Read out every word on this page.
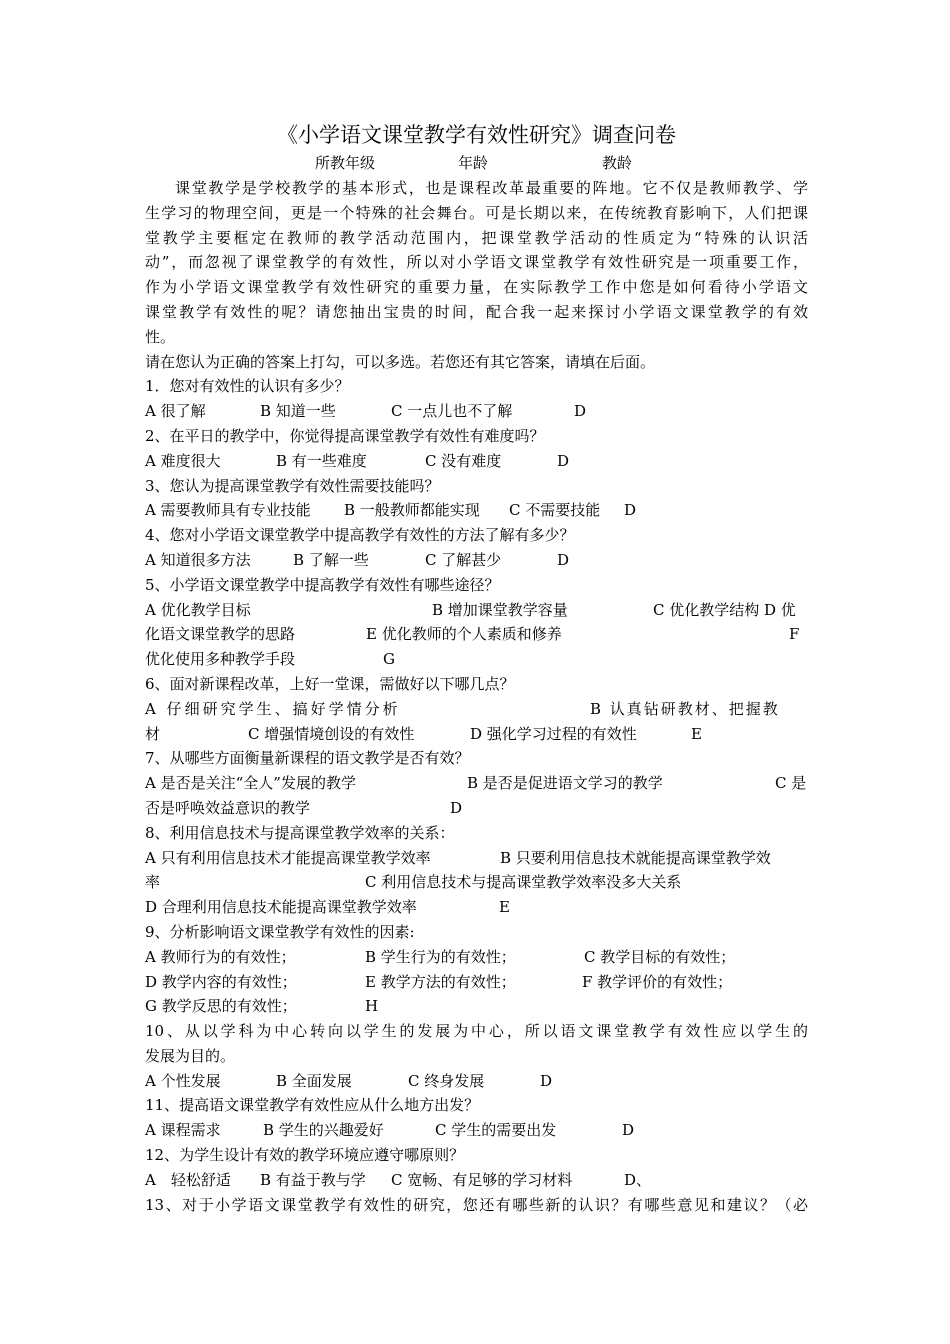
《小学语文课堂教学有效性研究》调查问卷
所教年级	年龄	教龄
课堂教学是学校教学的基本形式，也是课程改革最重要的阵地。它不仅是教师教学、学
生学习的物理空间，更是一个特殊的社会舞台。可是长期以来，在传统教育影响下，人们把课
堂教学主要框定在教师的教学活动范围内，把课堂教学活动的性质定为“特殊的认识活
动”，而忽视了课堂教学的有效性，所以对小学语文课堂教学有效性研究是一项重要工作，
作为小学语文课堂教学有效性研究的重要力量，在实际教学工作中您是如何看待小学语文
课堂教学有效性的呢？请您抽出宝贵的时间，配合我一起来探讨小学语文课堂教学的有效
性。
请在您认为正确的答案上打勾，可以多选。若您还有其它答案，请填在后面。
1．您对有效性的认识有多少？
A 很了解	B 知道一些	C 一点儿也不了解	D
2、在平日的教学中，你觉得提高课堂教学有效性有难度吗？
A 难度很大	B 有一些难度	C 没有难度	D
3、您认为提高课堂教学有效性需要技能吗？
A 需要教师具有专业技能 B 一般教师都能实现 C 不需要技能 D
4、您对小学语文课堂教学中提高教学有效性的方法了解有多少？
A 知道很多方法	B 了解一些	C 了解甚少	D
5、小学语文课堂教学中提高教学有效性有哪些途径？
A 优化教学目标	B 增加课堂教学容量	C 优化教学结构 D 优
化语文课堂教学的思路	E 优化教师的个人素质和修养	F
优化使用多种教学手段	G
6、面对新课程改革，上好一堂课，需做好以下哪几点？
A 仔细研究学生、搞好学情分析	B 认真钻研教材、把握教
材	C 增强情境创设的有效性	D 强化学习过程的有效性	E
7、从哪些方面衡量新课程的语文教学是否有效？
A 是否是关注“全人”发展的教学	B 是否是促进语文学习的教学	C 是
否是呼唤效益意识的教学	D
8、利用信息技术与提高课堂教学效率的关系：
A 只有利用信息技术才能提高课堂教学效率	B 只要利用信息技术就能提高课堂教学效
率	C 利用信息技术与提高课堂教学效率没多大关系
D 合理利用信息技术能提高课堂教学效率	E
9、分析影响语文课堂教学有效性的因素:
A 教师行为的有效性；	B 学生行为的有效性；	C 教学目标的有效性；
D 教学内容的有效性；	E 教学方法的有效性；	F 教学评价的有效性；
G 教学反思的有效性；	H
10、从以学科为中心转向以学生的发展为中心，所以语文课堂教学有效性应以学生的
发展为目的。
A 个性发展	B 全面发展	C 终身发展	D
11、提高语文课堂教学有效性应从什么地方出发？
A 课程需求	B 学生的兴趣爱好	C 学生的需要出发	D
12、为学生设计有效的教学环境应遵守哪原则？
A　轻松舒适 B 有益于教与学 C 宽畅、有足够的学习材料	D、
13、对于小学语文课堂教学有效性的研究，您还有哪些新的认识？有哪些意见和建议？（必
